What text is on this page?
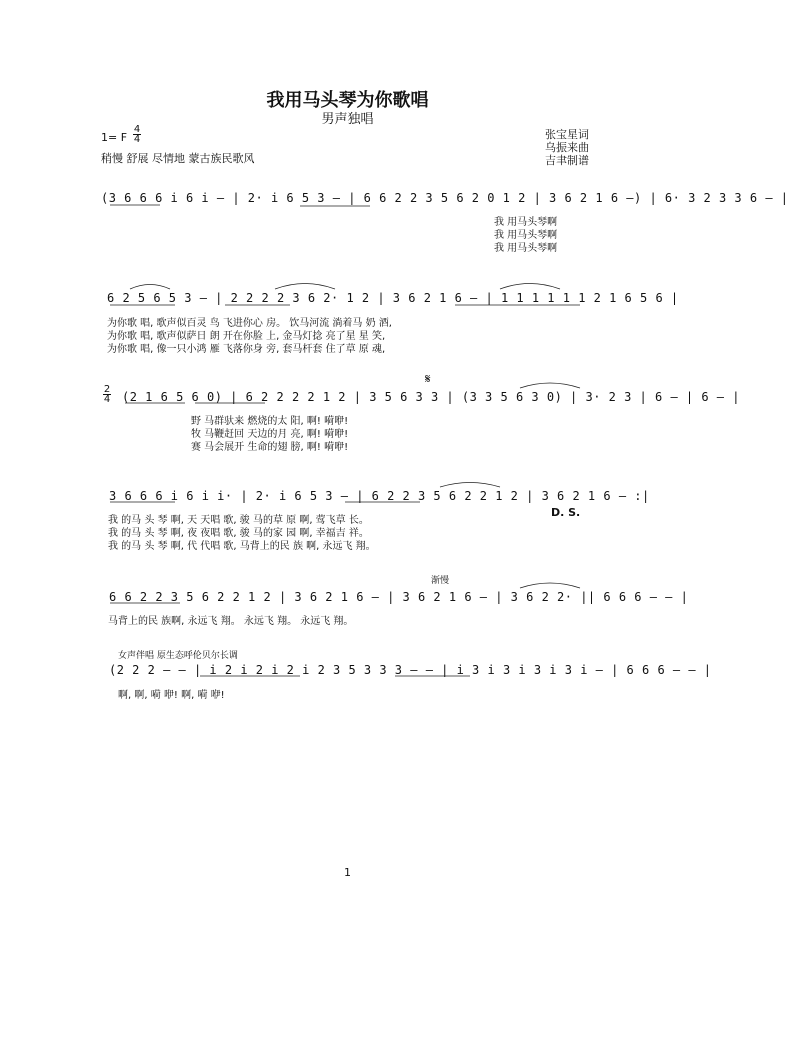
我用马头琴为你歌唱
男声独唱
1= F
4
4
稍慢 舒展 尽情地 蒙古族民歌风
张宝星词
乌振来曲
吉聿制谱
(3 6 6 6 i 6 i — | 2· i 6 5 3 — | 6 6 2 2 3 5 6 2 0 1 2 | 3 6 2 1 6 —) | 6· 3 2 3 3 6 — |
我 用马头琴啊
我 用马头琴啊
我 用马头琴啊
6 2 5 6 5 3 — | 2 2 2 2 3 6 2· 1 2 | 3 6 2 1 6 — | 1 1 1 1 1 1 2 1 6 5 6 |
为你歌 唱, 歌声似百灵 鸟 飞进你心 房。 饮马河流 淌着马 奶 酒,
为你歌 唱, 歌声似萨日 朗 开在你脸 上, 金马灯捻 亮了星 星 笑,
为你歌 唱, 像一只小鸿 雁 飞落你身 旁, 套马杆套 住了草 原 魂,
2
4
𝄋
(2 1 6 5 6 0) | 6 2 2 2 2 1 2 | 3 5 6 3 3 | (3 3 5 6 3 0) | 3· 2 3 | 6 — | 6 — |
野 马群驮来 燃烧的太 阳, 啊! 嗬咿!
牧 马鞭赶回 天边的月 亮, 啊! 嗬咿!
赛 马会展开 生命的翅 膀, 啊! 嗬咿!
3 6 6 6 i 6 i i· | 2· i 6 5 3 — | 6 2 2 3 5 6 2 2 1 2 | 3 6 2 1 6 — :|
D. S.
我 的马 头 琴 啊, 天 天唱 歌, 骏 马的草 原 啊, 莺飞草 长。
我 的马 头 琴 啊, 夜 夜唱 歌, 骏 马的家 园 啊, 幸福吉 祥。
我 的马 头 琴 啊, 代 代唱 歌, 马背上的民 族 啊, 永远飞 翔。
渐慢
6 6 2 2 3 5 6 2 2 1 2 | 3 6 2 1 6 — | 3 6 2 1 6 — | 3 6 2 2· || 6 6 6 — — |
马背上的民 族啊, 永远飞 翔。 永远飞 翔。 永远飞 翔。
女声伴唱 原生态呼伦贝尔长调
(2 2 2 — — | i 2 i 2 i 2 i 2 3 5 3 3 3 — — | i 3 i 3 i 3 i 3 i — | 6 6 6 — — |
啊, 啊, 嗬 咿! 啊, 嗬 咿!
1
